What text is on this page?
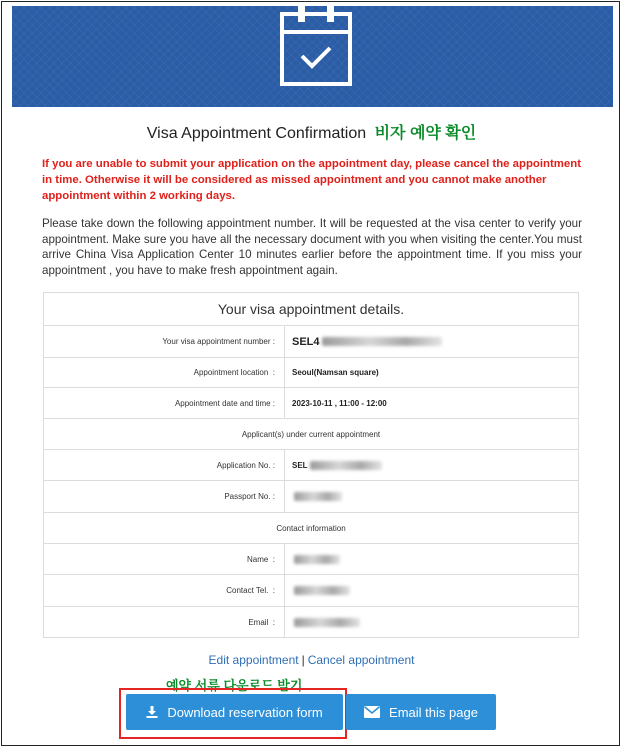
Visa Appointment Confirmation 비자 예약 확인
If you are unable to submit your application on the appointment day, please cancel the appointment in time. Otherwise it will be considered as missed appointment and you cannot make another appointment within 2 working days.
Please take down the following appointment number. It will be requested at the visa center to verify your appointment. Make sure you have all the necessary document with you when visiting the center.You must arrive China Visa Application Center 10 minutes earlier before the appointment time. If you miss your appointment , you have to make fresh appointment again.
Your visa appointment details.
Your visa appointment number :	SEL4
Appointment location  :	Seoul(Namsan square)
Appointment date and time :	2023-10-11 , 11:00 - 12:00
Applicant(s) under current appointment
Application No. :	SEL
Passport No. :
Contact information
Name  :
Contact Tel.  :
Email  :
Edit appointment | Cancel appointment
예약 서류 다운로드 받기
Download reservation form	Email this page
